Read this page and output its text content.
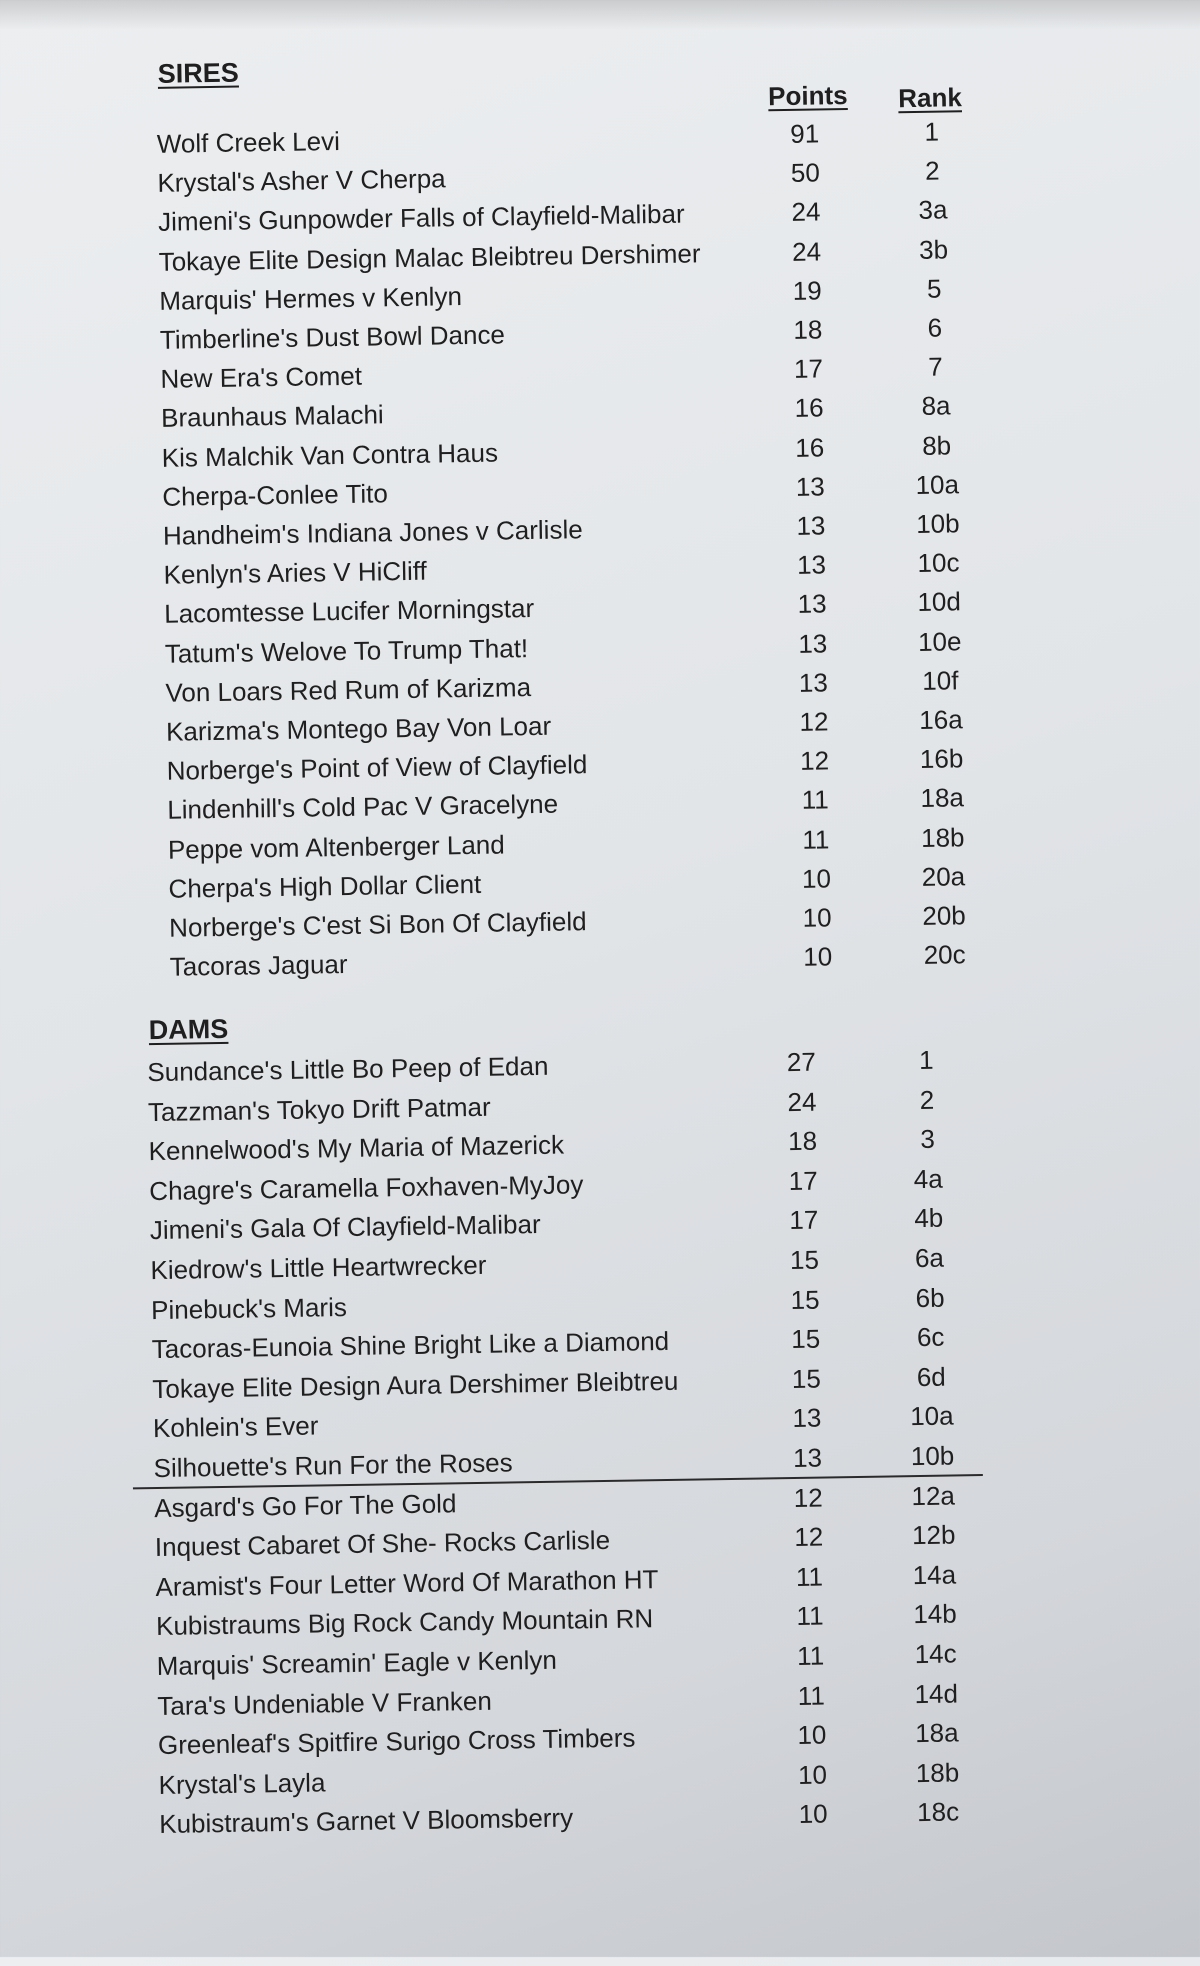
SIRES
Points Rank
Wolf Creek Levi	91	1
Krystal's Asher V Cherpa	50	2
Jimeni's Gunpowder Falls of Clayfield-Malibar	24	3a
Tokaye Elite Design Malac Bleibtreu Dershimer	24	3b
Marquis' Hermes v Kenlyn	19	5
Timberline's Dust Bowl Dance	18	6
New Era's Comet	17	7
Braunhaus Malachi	16	8a
Kis Malchik Van Contra Haus	16	8b
Cherpa-Conlee Tito	13	10a
Handheim's Indiana Jones v Carlisle	13	10b
Kenlyn's Aries V HiCliff	13	10c
Lacomtesse Lucifer Morningstar	13	10d
Tatum's Welove To Trump That!	13	10e
Von Loars Red Rum of Karizma	13	10f
Karizma's Montego Bay Von Loar	12	16a
Norberge's Point of View of Clayfield	12	16b
Lindenhill's Cold Pac V Gracelyne	11	18a
Peppe vom Altenberger Land	11	18b
Cherpa's High Dollar Client	10	20a
Norberge's C'est Si Bon Of Clayfield	10	20b
Tacoras Jaguar	10	20c
DAMS
Sundance's Little Bo Peep of Edan	27	1
Tazzman's Tokyo Drift Patmar	24	2
Kennelwood's My Maria of Mazerick	18	3
Chagre's Caramella Foxhaven-MyJoy	17	4a
Jimeni's Gala Of Clayfield-Malibar	17	4b
Kiedrow's Little Heartwrecker	15	6a
Pinebuck's Maris	15	6b
Tacoras-Eunoia Shine Bright Like a Diamond	15	6c
Tokaye Elite Design Aura Dershimer Bleibtreu	15	6d
Kohlein's Ever	13	10a
Silhouette's Run For the Roses	13	10b
Asgard's Go For The Gold	12	12a
Inquest Cabaret Of She- Rocks Carlisle	12	12b
Aramist's Four Letter Word Of Marathon HT	11	14a
Kubistraums Big Rock Candy Mountain RN	11	14b
Marquis' Screamin' Eagle v Kenlyn	11	14c
Tara's Undeniable V Franken	11	14d
Greenleaf's Spitfire Surigo Cross Timbers	10	18a
Krystal's Layla	10	18b
Kubistraum's Garnet V Bloomsberry	10	18c
